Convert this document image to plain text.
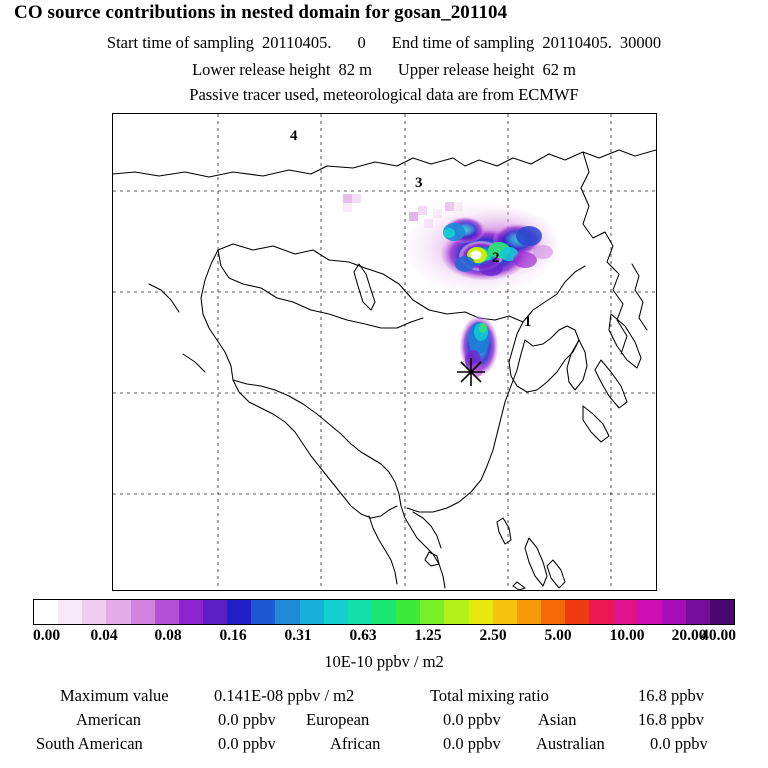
CO source contributions in nested domain for gosan_201104
Start time of sampling 20110405. 0 End time of sampling 20110405. 30000
Lower release height 82 m Upper release height 62 m
Passive tracer used, meteorological data are from ECMWF
1
2
3
4
0.00 0.04 0.08 0.16 0.31 0.63 1.25 2.50 5.00 10.00 20.00
40.00
10E-10 ppbv / m2
Maximum value	0.141E-08 ppbv / m2	Total mixing ratio	16.8 ppbv
American	0.0 ppbv European	0.0 ppbv Asian	16.8 ppbv
South American	0.0 ppbv	African	0.0 ppbv Australian	0.0 ppbv
